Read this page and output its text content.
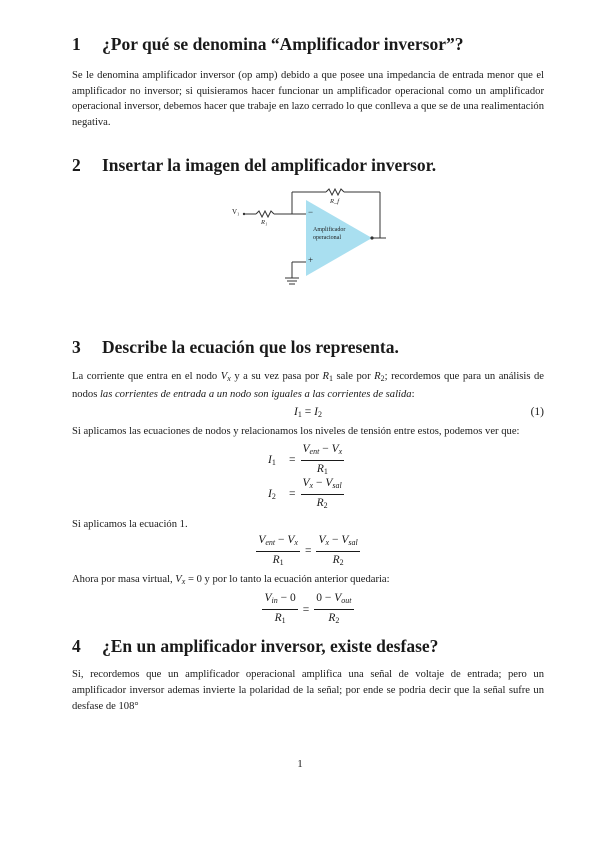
1	¿Por qué se denomina “Amplificador inversor”?

Se le denomina amplificador inversor (op amp) debido a que posee una impedancia de entrada menor que el amplificador no inversor; si quisieramos hacer funcionar un amplificador operacional como un amplificador operacional inversor, debemos hacer que trabaje en lazo cerrado lo que conlleva a que se de una realimentación negativa.

2	Insertar la imagen del amplificador inversor.
V₁
R₁
R_f
−
+
Amplificador
operacional
3	Describe la ecuación que los representa.

La corriente que entra en el nodo $V_x$ y a su vez pasa por $R_1$ sale por $R_2$; recordemos que para un análisis de nodos las corrientes de entrada a un nodo son iguales a las corrientes de salida:

$I_1 = I_2$	(1)

Si aplicamos las ecuaciones de nodos y relacionamos los niveles de tensión entre estos, podemos ver que:

$I_1$	= $\frac{V_{ent} - V_x}{R_1}$
$I_2$	= $\frac{V_x - V_{sal}}{R_2}$

Si aplicamos la ecuación 1.

$\frac{V_{ent} - V_x}{R_1} = \frac{V_x - V_{sal}}{R_2}$

Ahora por masa virtual, $V_x = 0$ y por lo tanto la ecuación anterior quedaria:

$\frac{V_{in} - 0}{R_1} = \frac{0 - V_{out}}{R_2}$
4	¿En un amplificador inversor, existe desfase?

Si, recordemos que un amplificador operacional amplifica una señal de voltaje de entrada; pero un amplificador inversor ademas invierte la polaridad de la señal; por ende se podria decir que la señal sufre un desfase de 108°

1
